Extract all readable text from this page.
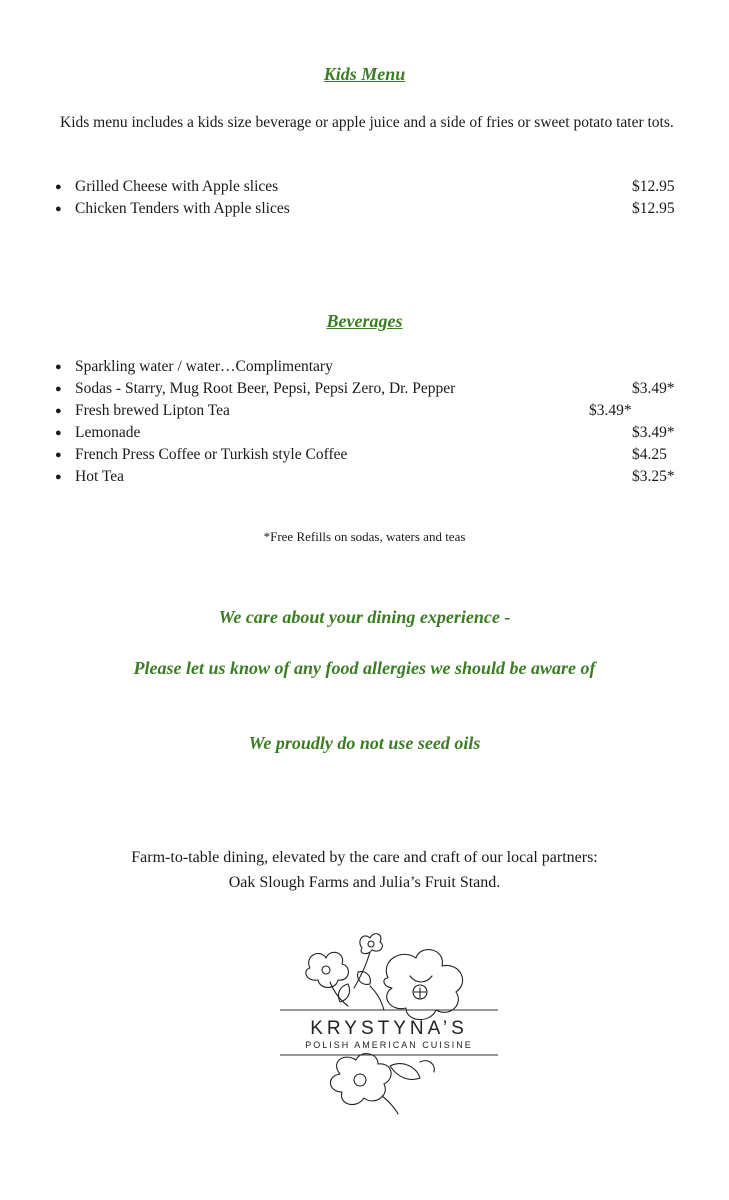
Kids Menu
Kids menu includes a kids size beverage or apple juice and a side of fries or sweet potato tater tots.
● Grilled Cheese with Apple slices	$12.95
● Chicken Tenders with Apple slices	$12.95
Beverages
● Sparkling water / water…Complimentary
● Sodas - Starry, Mug Root Beer, Pepsi, Pepsi Zero, Dr. Pepper	$3.49*
● Fresh brewed Lipton Tea	$3.49*
● Lemonade	$3.49*
● French Press Coffee or Turkish style Coffee	$4.25
● Hot Tea	$3.25*
*Free Refills on sodas, waters and teas
We care about your dining experience -
Please let us know of any food allergies we should be aware of
We proudly do not use seed oils
Farm-to-table dining, elevated by the care and craft of our local partners:
Oak Slough Farms and Julia’s Fruit Stand.
KRYSTYNA’S
POLISH AMERICAN CUISINE
